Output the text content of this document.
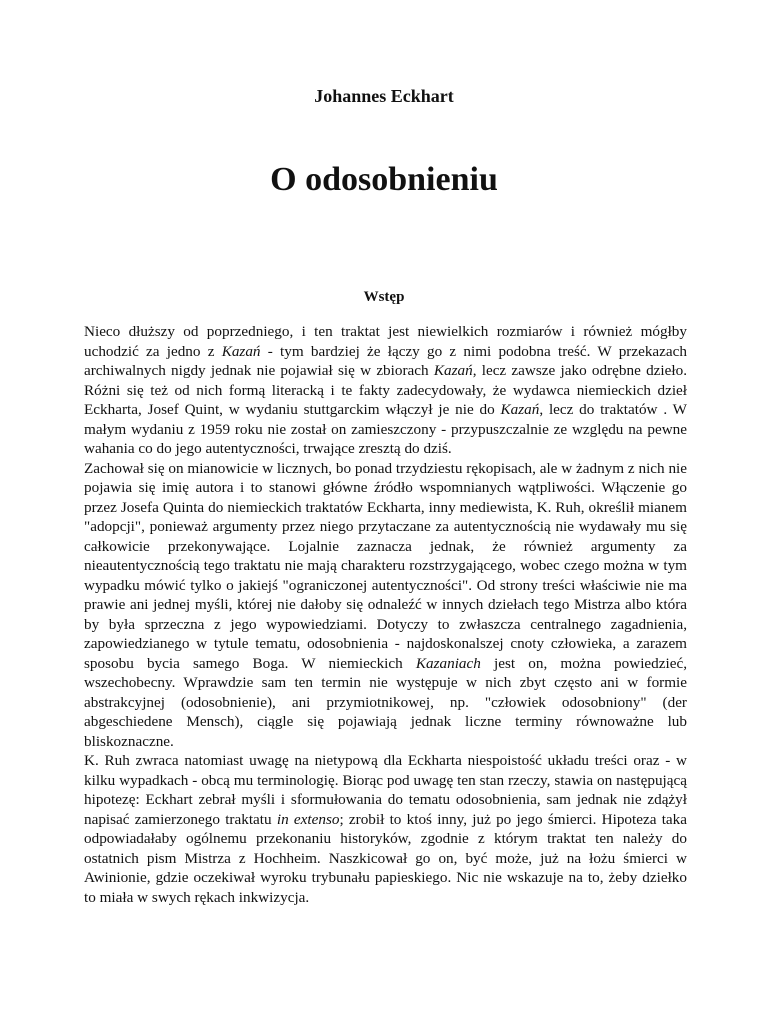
Johannes Eckhart
O odosobnieniu
Wstęp

Nieco dłuższy od poprzedniego, i ten traktat jest niewielkich rozmiarów i również mógłby uchodzić za jedno z Kazań - tym bardziej że łączy go z nimi podobna treść. W przekazach archiwalnych nigdy jednak nie pojawiał się w zbiorach Kazań, lecz zawsze jako odrębne dzieło. Różni się też od nich formą literacką i te fakty zadecydowały, że wydawca niemieckich dzieł Eckharta, Josef Quint, w wydaniu stuttgarckim włączył je nie do Kazań, lecz do traktatów . W małym wydaniu z 1959 roku nie został on zamieszczony - przypuszczalnie ze względu na pewne wahania co do jego autentyczności, trwające zresztą do dziś.

Zachował się on mianowicie w licznych, bo ponad trzydziestu rękopisach, ale w żadnym z nich nie pojawia się imię autora i to stanowi główne źródło wspomnianych wątpliwości. Włączenie go przez Josefa Quinta do niemieckich traktatów Eckharta, inny mediewista, K. Ruh, określił mianem "adopcji", ponieważ argumenty przez niego przytaczane za autentycznością nie wydawały mu się całkowicie przekonywające. Lojalnie zaznacza jednak, że również argumenty za nieautentycznością tego traktatu nie mają charakteru rozstrzygającego, wobec czego można w tym wypadku mówić tylko o jakiejś "ograniczonej autentyczności". Od strony treści właściwie nie ma prawie ani jednej myśli, której nie dałoby się odnaleźć w innych dziełach tego Mistrza albo która by była sprzeczna z jego wypowiedziami. Dotyczy to zwłaszcza centralnego zagadnienia, zapowiedzianego w tytule tematu, odosobnienia - najdoskonalszej cnoty człowieka, a zarazem sposobu bycia samego Boga. W niemieckich Kazaniach jest on, można powiedzieć, wszechobecny. Wprawdzie sam ten termin nie występuje w nich zbyt często ani w formie abstrakcyjnej (odosobnienie), ani przymiotnikowej, np. "człowiek odosobniony" (der abgeschiedene Mensch), ciągle się pojawiają jednak liczne terminy równoważne lub bliskoznaczne.

K. Ruh zwraca natomiast uwagę na nietypową dla Eckharta niespoistość układu treści oraz - w kilku wypadkach - obcą mu terminologię. Biorąc pod uwagę ten stan rzeczy, stawia on następującą hipotezę: Eckhart zebrał myśli i sformułowania do tematu odosobnienia, sam jednak nie zdążył napisać zamierzonego traktatu in extenso; zrobił to ktoś inny, już po jego śmierci. Hipoteza taka odpowiadałaby ogólnemu przekonaniu historyków, zgodnie z którym traktat ten należy do ostatnich pism Mistrza z Hochheim. Naszkicował go on, być może, już na łożu śmierci w Awinionie, gdzie oczekiwał wyroku trybunału papieskiego. Nic nie wskazuje na to, żeby dziełko to miała w swych rękach inkwizycja.
